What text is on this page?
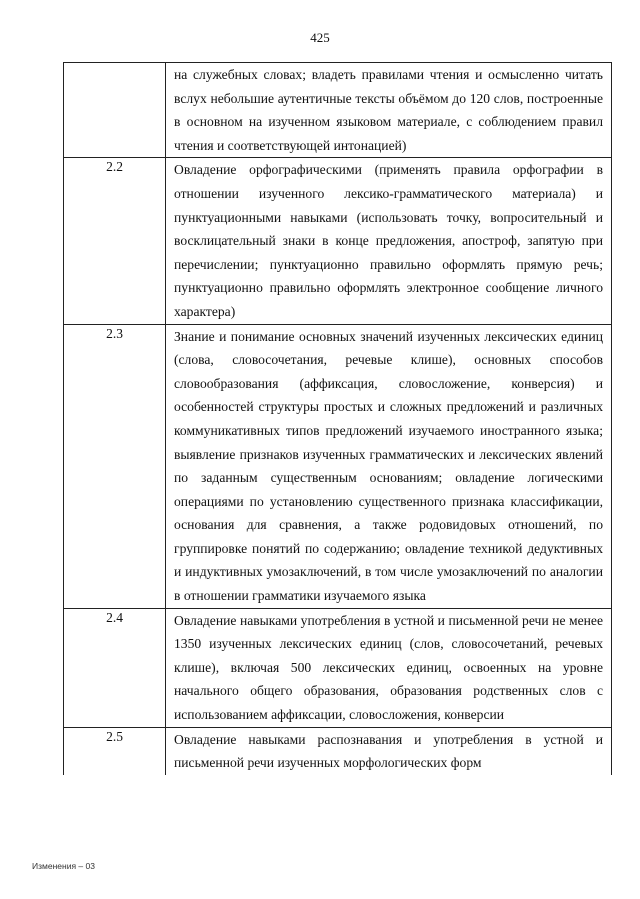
425
	на служебных словах; владеть правилами чтения и осмысленно читать вслух небольшие аутентичные тексты объёмом до 120 слов, построенные в основном на изученном языковом материале, с соблюдением правил чтения и соответствующей интонацией)

2.2	Овладение орфографическими (применять правила орфографии в отношении изученного лексико-грамматического материала) и пунктуационными навыками (использовать точку, вопросительный и восклицательный знаки в конце предложения, апостроф, запятую при перечислении; пунктуационно правильно оформлять прямую речь; пунктуационно правильно оформлять электронное сообщение личного характера)

2.3	Знание и понимание основных значений изученных лексических единиц (слова, словосочетания, речевые клише), основных способов словообразования (аффиксация, словосложение, конверсия) и особенностей структуры простых и сложных предложений и различных коммуникативных типов предложений изучаемого иностранного языка; выявление признаков изученных грамматических и лексических явлений по заданным существенным основаниям; овладение логическими операциями по установлению существенного признака классификации, основания для сравнения, а также родовидовых отношений, по группировке понятий по содержанию; овладение техникой дедуктивных и индуктивных умозаключений, в том числе умозаключений по аналогии в отношении грамматики изучаемого языка

2.4	Овладение навыками употребления в устной и письменной речи не менее 1350 изученных лексических единиц (слов, словосочетаний, речевых клише), включая 500 лексических единиц, освоенных на уровне начального общего образования, образования родственных слов с использованием аффиксации, словосложения, конверсии

2.5	Овладение навыками распознавания и употребления в устной и письменной речи изученных морфологических форм
Изменения – 03
